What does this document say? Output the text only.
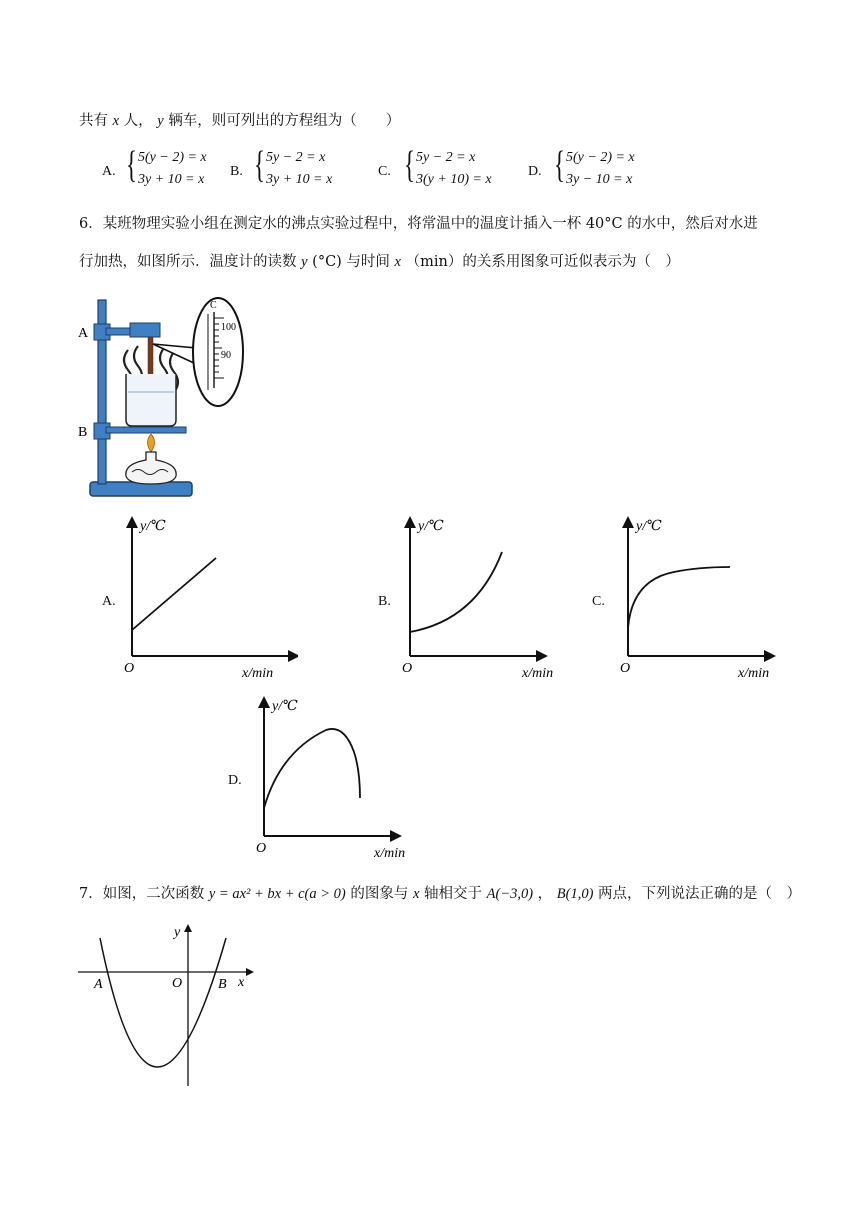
共有 x 人， y 辆车，则可列出的方程组为（　　）
A. { 5(y − 2) = x
3y + 10 = x
B. { 5y − 2 = x
3y + 10 = x
C. { 5y − 2 = x
3(y + 10) = x
D. { 5(y − 2) = x
3y − 10 = x
6．某班物理实验小组在测定水的沸点实验过程中，将常温中的温度计插入一杯 40°C 的水中，然后对水进
行加热，如图所示．温度计的读数 y (°C) 与时间 x （min）的关系用图象可近似表示为（　）
A
B
C
100
90
A.	B.	C.
D.
y/℃
x/min
O
y/℃
x/min
O
y/℃
x/min
O
y/℃
x/min
O
7．如图，二次函数 y = ax² + bx + c(a > 0) 的图象与 x 轴相交于 A(−3,0) ， B(1,0) 两点，下列说法正确的是（　）
y
x
O
A	B
